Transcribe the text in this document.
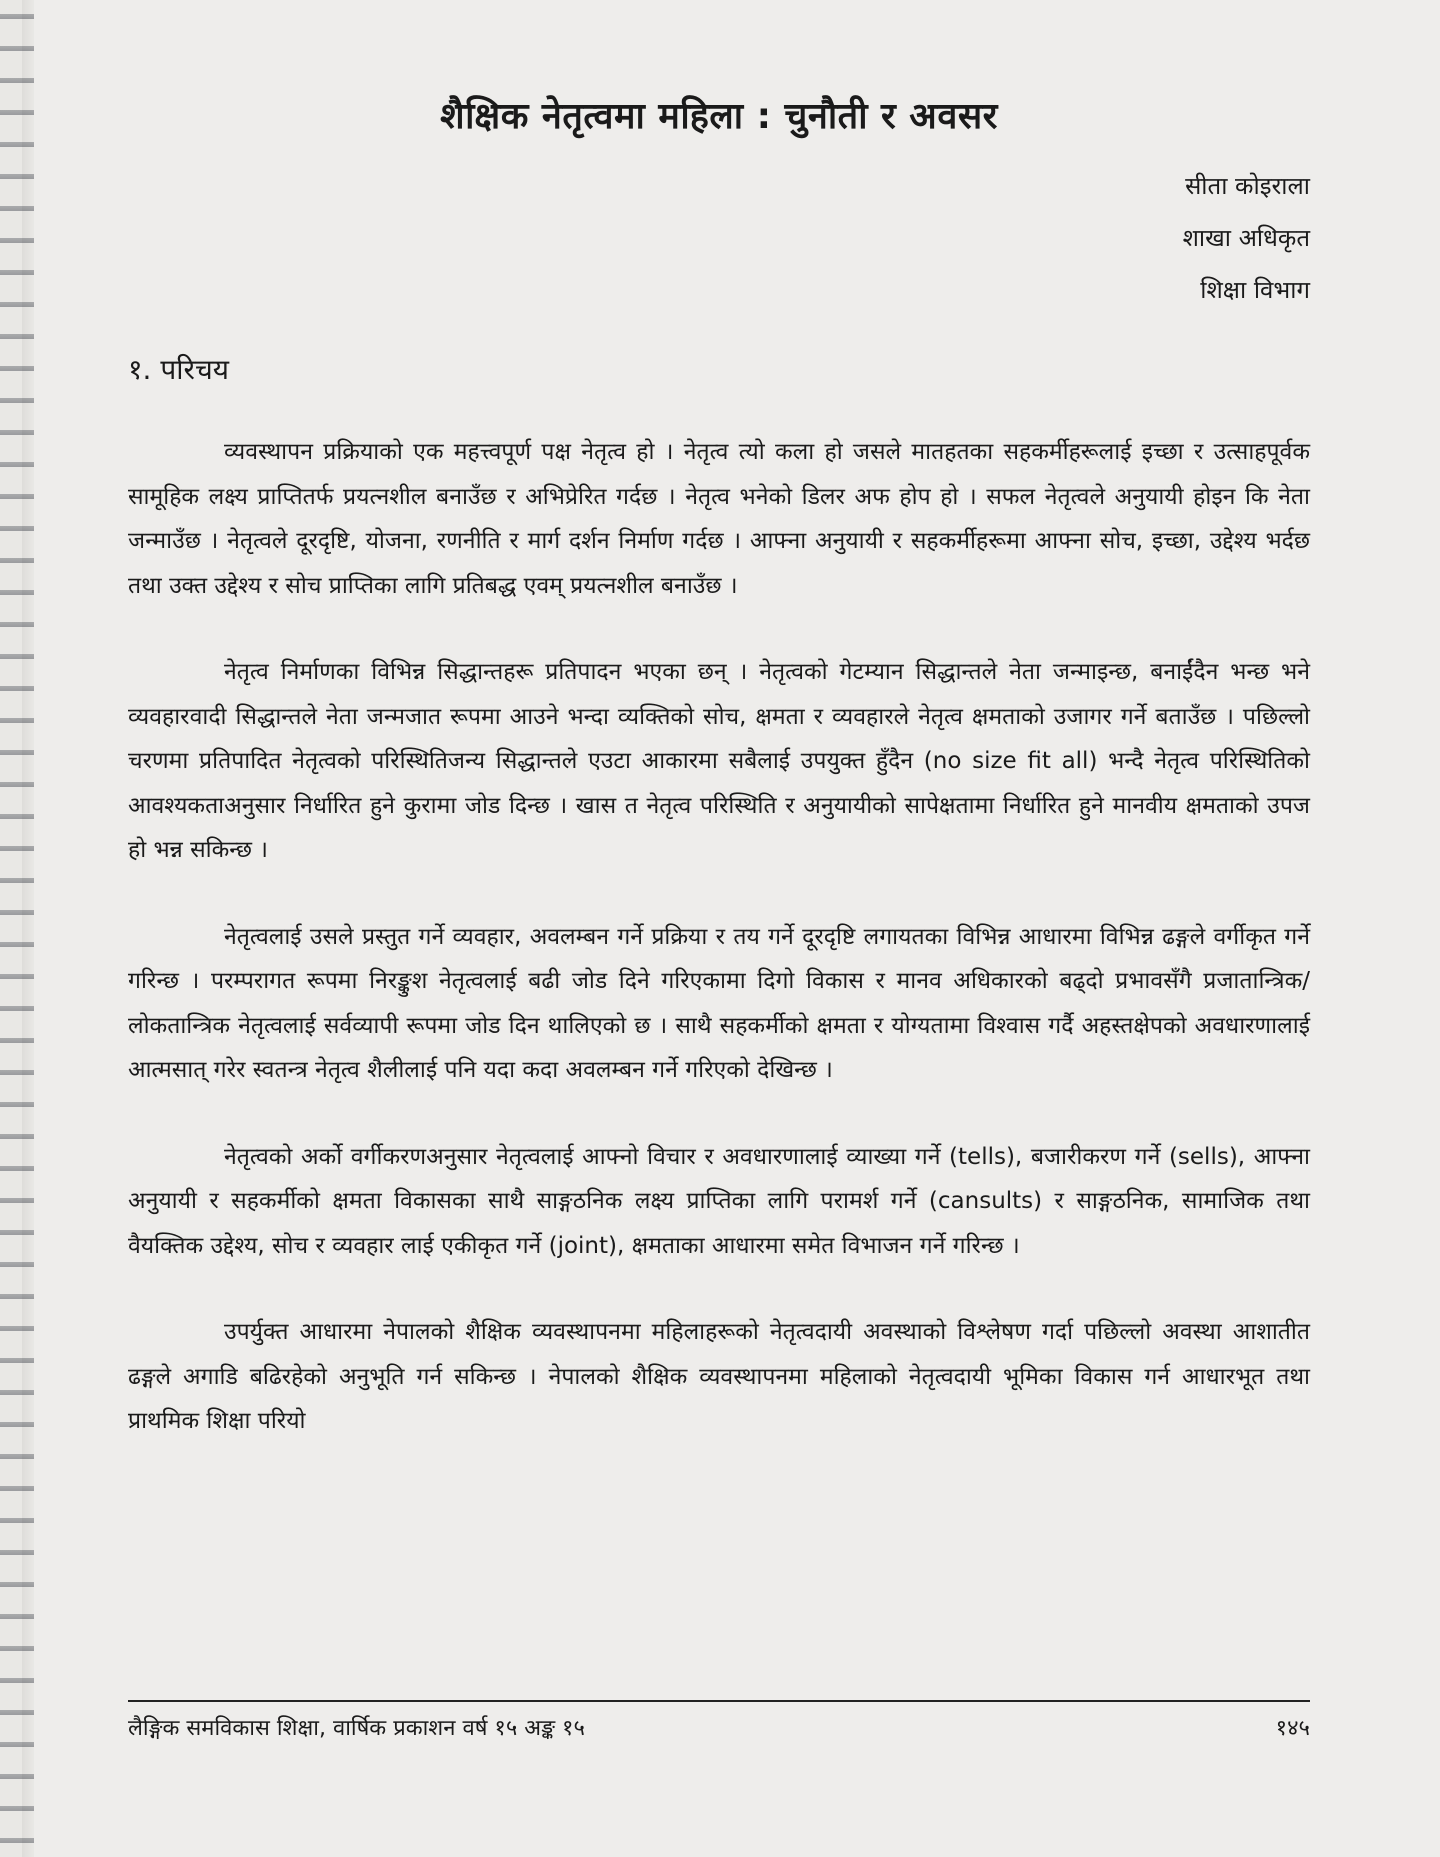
शैक्षिक नेतृत्वमा महिला : चुनौती र अवसर
सीता कोइराला
शाखा अधिकृत
शिक्षा विभाग
१. परिचय

व्यवस्थापन प्रक्रियाको एक महत्त्वपूर्ण पक्ष नेतृत्व हो । नेतृत्व त्यो कला हो जसले मातहतका सहकर्मीहरूलाई इच्छा र उत्साहपूर्वक सामूहिक लक्ष्य प्राप्तितर्फ प्रयत्नशील बनाउँछ र अभिप्रेरित गर्दछ । नेतृत्व भनेको डिलर अफ होप हो । सफल नेतृत्वले अनुयायी होइन कि नेता जन्माउँछ । नेतृत्वले दूरदृष्टि, योजना, रणनीति र मार्ग दर्शन निर्माण गर्दछ । आफ्ना अनुयायी र सहकर्मीहरूमा आफ्ना सोच, इच्छा, उद्देश्य भर्दछ तथा उक्त उद्देश्य र सोच प्राप्तिका लागि प्रतिबद्ध एवम् प्रयत्नशील बनाउँछ ।

नेतृत्व निर्माणका विभिन्न सिद्धान्तहरू प्रतिपादन भएका छन् । नेतृत्वको गेटम्यान सिद्धान्तले नेता जन्माइन्छ, बनाईंदैन भन्छ भने व्यवहारवादी सिद्धान्तले नेता जन्मजात रूपमा आउने भन्दा व्यक्तिको सोच, क्षमता र व्यवहारले नेतृत्व क्षमताको उजागर गर्ने बताउँछ । पछिल्लो चरणमा प्रतिपादित नेतृत्वको परिस्थितिजन्य सिद्धान्तले एउटा आकारमा सबैलाई उपयुक्त हुँदैन (no size fit all) भन्दै नेतृत्व परिस्थितिको आवश्यकताअनुसार निर्धारित हुने कुरामा जोड दिन्छ । खास त नेतृत्व परिस्थिति र अनुयायीको सापेक्षतामा निर्धारित हुने मानवीय क्षमताको उपज हो भन्न सकिन्छ ।

नेतृत्वलाई उसले प्रस्तुत गर्ने व्यवहार, अवलम्बन गर्ने प्रक्रिया र तय गर्ने दूरदृष्टि लगायतका विभिन्न आधारमा विभिन्न ढङ्गले वर्गीकृत गर्ने गरिन्छ । परम्परागत रूपमा निरङ्कुश नेतृत्वलाई बढी जोड दिने गरिएकामा दिगो विकास र मानव अधिकारको बढ्दो प्रभावसँगै प्रजातान्त्रिक/लोकतान्त्रिक नेतृत्वलाई सर्वव्यापी रूपमा जोड दिन थालिएको छ । साथै सहकर्मीको क्षमता र योग्यतामा विश्वास गर्दै अहस्तक्षेपको अवधारणालाई आत्मसात् गरेर स्वतन्त्र नेतृत्व शैलीलाई पनि यदा कदा अवलम्बन गर्ने गरिएको देखिन्छ ।

नेतृत्वको अर्को वर्गीकरणअनुसार नेतृत्वलाई आफ्नो विचार र अवधारणालाई व्याख्या गर्ने (tells), बजारीकरण गर्ने (sells), आफ्ना अनुयायी र सहकर्मीको क्षमता विकासका साथै साङ्गठनिक लक्ष्य प्राप्तिका लागि परामर्श गर्ने (cansults) र साङ्गठनिक, सामाजिक तथा वैयक्तिक उद्देश्य, सोच र व्यवहार लाई एकीकृत गर्ने (joint), क्षमताका आधारमा समेत विभाजन गर्ने गरिन्छ ।

उपर्युक्त आधारमा नेपालको शैक्षिक व्यवस्थापनमा महिलाहरूको नेतृत्वदायी अवस्थाको विश्लेषण गर्दा पछिल्लो अवस्था आशातीत ढङ्गले अगाडि बढिरहेको अनुभूति गर्न सकिन्छ । नेपालको शैक्षिक व्यवस्थापनमा महिलाको नेतृत्वदायी भूमिका विकास गर्न आधारभूत तथा प्राथमिक शिक्षा परियो

लैङ्गिक समविकास शिक्षा, वार्षिक प्रकाशन वर्ष १५ अङ्क १५	१४५
